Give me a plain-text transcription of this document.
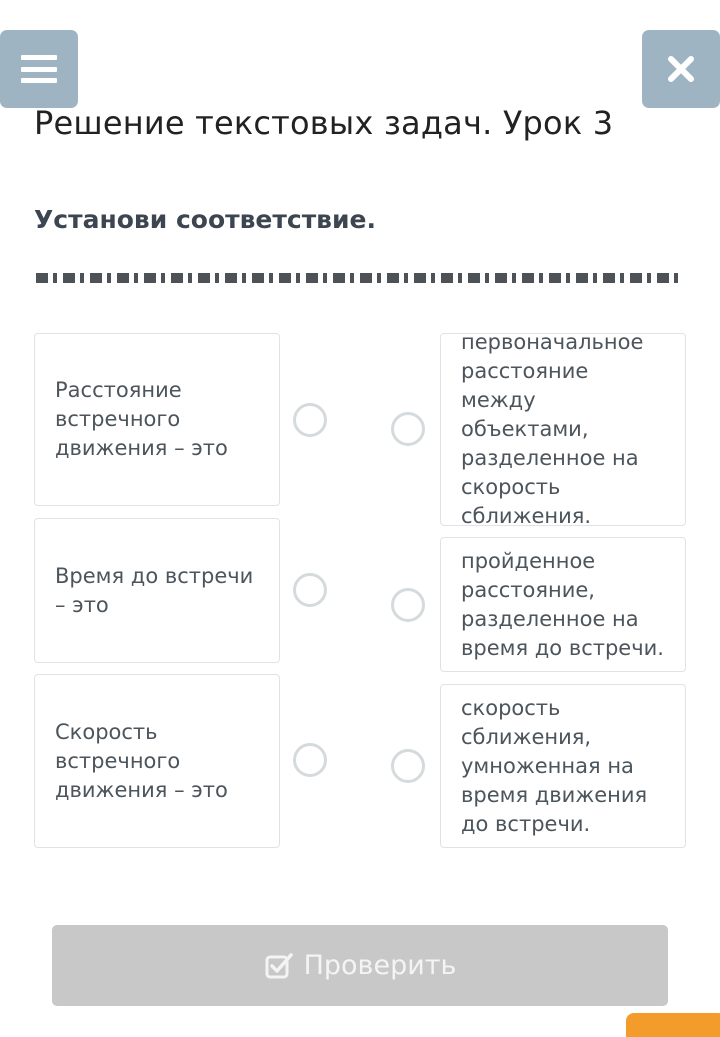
Решение текстовых задач. Урок 3
Установи соответствие.
Расстояние встречного движения – это
Время до встречи – это
Скорость встречного движения – это
первоначальное расстояние между объектами, разделенное на скорость сближения.
пройденное расстояние, разделенное на время до встречи.
скорость сближения, умноженная на время движения до встречи.
Проверить
